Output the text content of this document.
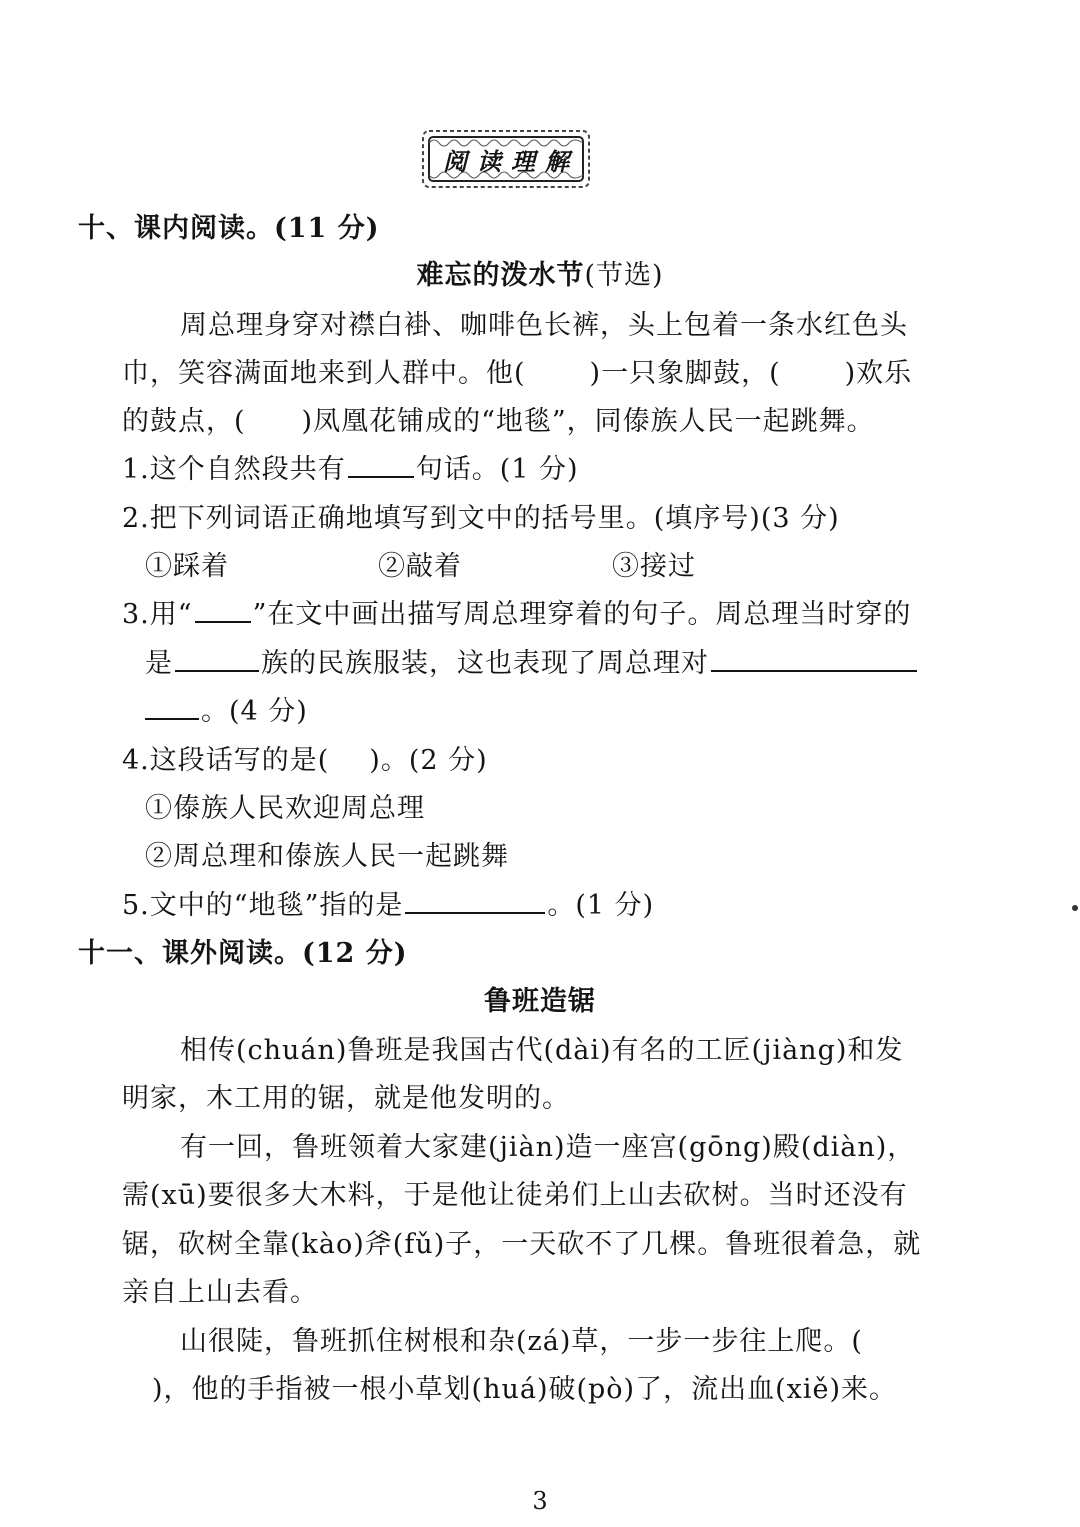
阅读理解
十、课内阅读。(11 分)
难忘的泼水节(节选)
周总理身穿对襟白褂、咖啡色长裤，头上包着一条水红色头
巾，笑容满面地来到人群中。他( )一只象脚鼓，( )欢乐
的鼓点，( )凤凰花铺成的“地毯”，同傣族人民一起跳舞。
1.这个自然段共有	句话。(1 分)
2.把下列词语正确地填写到文中的括号里。(填序号)(3 分)
①踩着	②敲着	③接过
3.用“ ”在文中画出描写周总理穿着的句子。周总理当时穿的
是	族的民族服装，这也表现了周总理对
。(4 分)
4.这段话写的是( )。(2 分)
①傣族人民欢迎周总理
②周总理和傣族人民一起跳舞
5.文中的“地毯”指的是	。(1 分)
十一、课外阅读。(12 分)
鲁班造锯
相传(chuán)鲁班是我国古代(dài)有名的工匠(jiàng)和发
明家，木工用的锯，就是他发明的。
有一回，鲁班领着大家建(jiàn)造一座宫(gōng)殿(diàn)，
需(xū)要很多大木料，于是他让徒弟们上山去砍树。当时还没有
锯，砍树全靠(kào)斧(fǔ)子，一天砍不了几棵。鲁班很着急，就
亲自上山去看。
山很陡，鲁班抓住树根和杂(zá)草，一步一步往上爬。(
)，他的手指被一根小草划(huá)破(pò)了，流出血(xiě)来。
3
